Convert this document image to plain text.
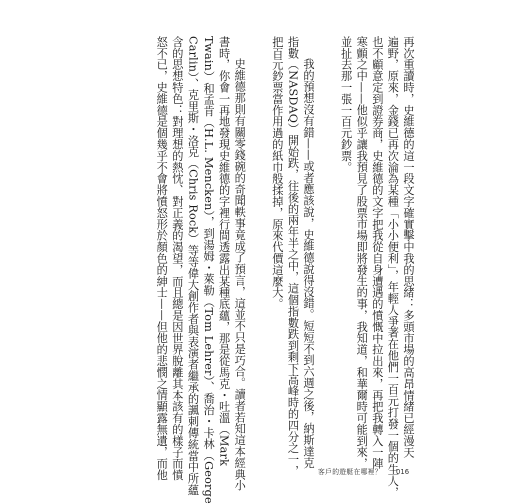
再次重讀時，史維德的這一段文字確實擊中我的思緒：多頭市場的高昂情緒已經漫天
遍野，原來，金錢已再次淪為某種「小小便利」，年輕人爭著在他們一百元打發一個的生人，
也不顧意定到證券商，史維德的文字把我從自身遭遇的憤慨中拉出來，再把我轉入一陣
寒顫之中——他似乎讓我預見了股票市場即將發生的事，我知道，和華爾時可能到來，
並扯去那一張一百元鈔票。
我的預想沒有錯——或者應該說，史維德說得沒錯。短短不到六週之後，納斯達克
指數（NASDAQ）開始跌，往後的兩年半之中，這個指數跌到剩下高峰時的四分之一，
把百元鈔票當作用過的紙巾般揉掉，原來代價這麼大。
史維德那則有關零錢碗的奇聞軼事竟成了預言，這並不只是巧合。讀者若知這本經典小
書時，你會一再地發現史維德的字裡行間透露出某種底蘊，那是從馬克・吐溫（Mark
Twain）和孟肯（H.L. Mencken），到湯姆・萊勒（Tom Lehrer）、喬治・卡林（George
Carlin）、克里斯・洛克（Chris Rock）等等偉大創作者與表演者繼承的諷刺傳統當中所蘊
含的思想特色：對理想的熱忱、對正義的渴望，而且總是因世界脫離其本該有的樣子而憤
怒不已，史維德是個幾乎不會將憤怒形於顏色的紳士——但他的悲憫之情顯露無遺，而他	客戶的遊艇在哪裡？ 016
